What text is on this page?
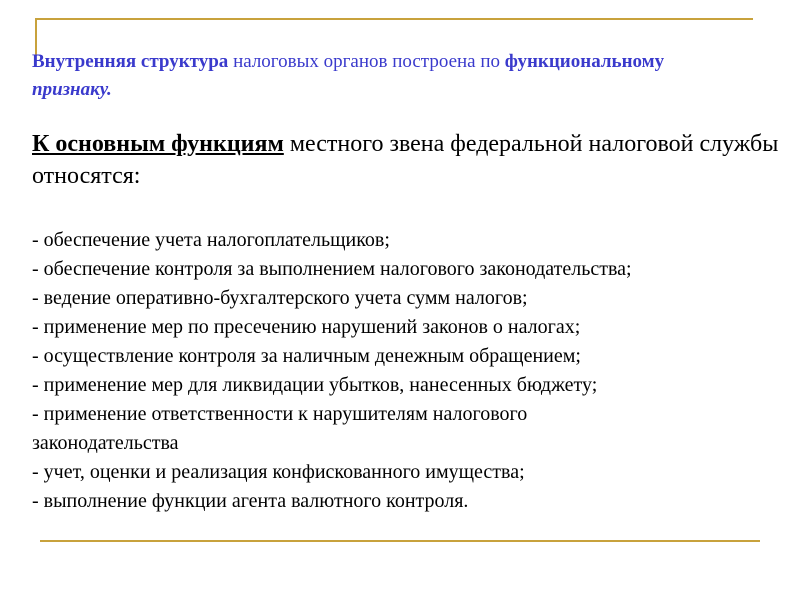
Внутренняя структура налоговых органов построена по функциональному
признаку.

К основным функциям местного звена федеральной налоговой службы относятся:

- обеспечение учета налогоплательщиков;
- обеспечение контроля за выполнением налогового законодательства;
- ведение оперативно-бухгалтерского учета сумм налогов;
- применение мер по пресечению нарушений законов о налогах;
- осуществление контроля за наличным денежным обращением;
- применение мер для ликвидации убытков, нанесенных бюджету;
- применение ответственности к нарушителям налогового
законодательства
- учет, оценки и реализация конфискованного имущества;
- выполнение функции агента валютного контроля.
